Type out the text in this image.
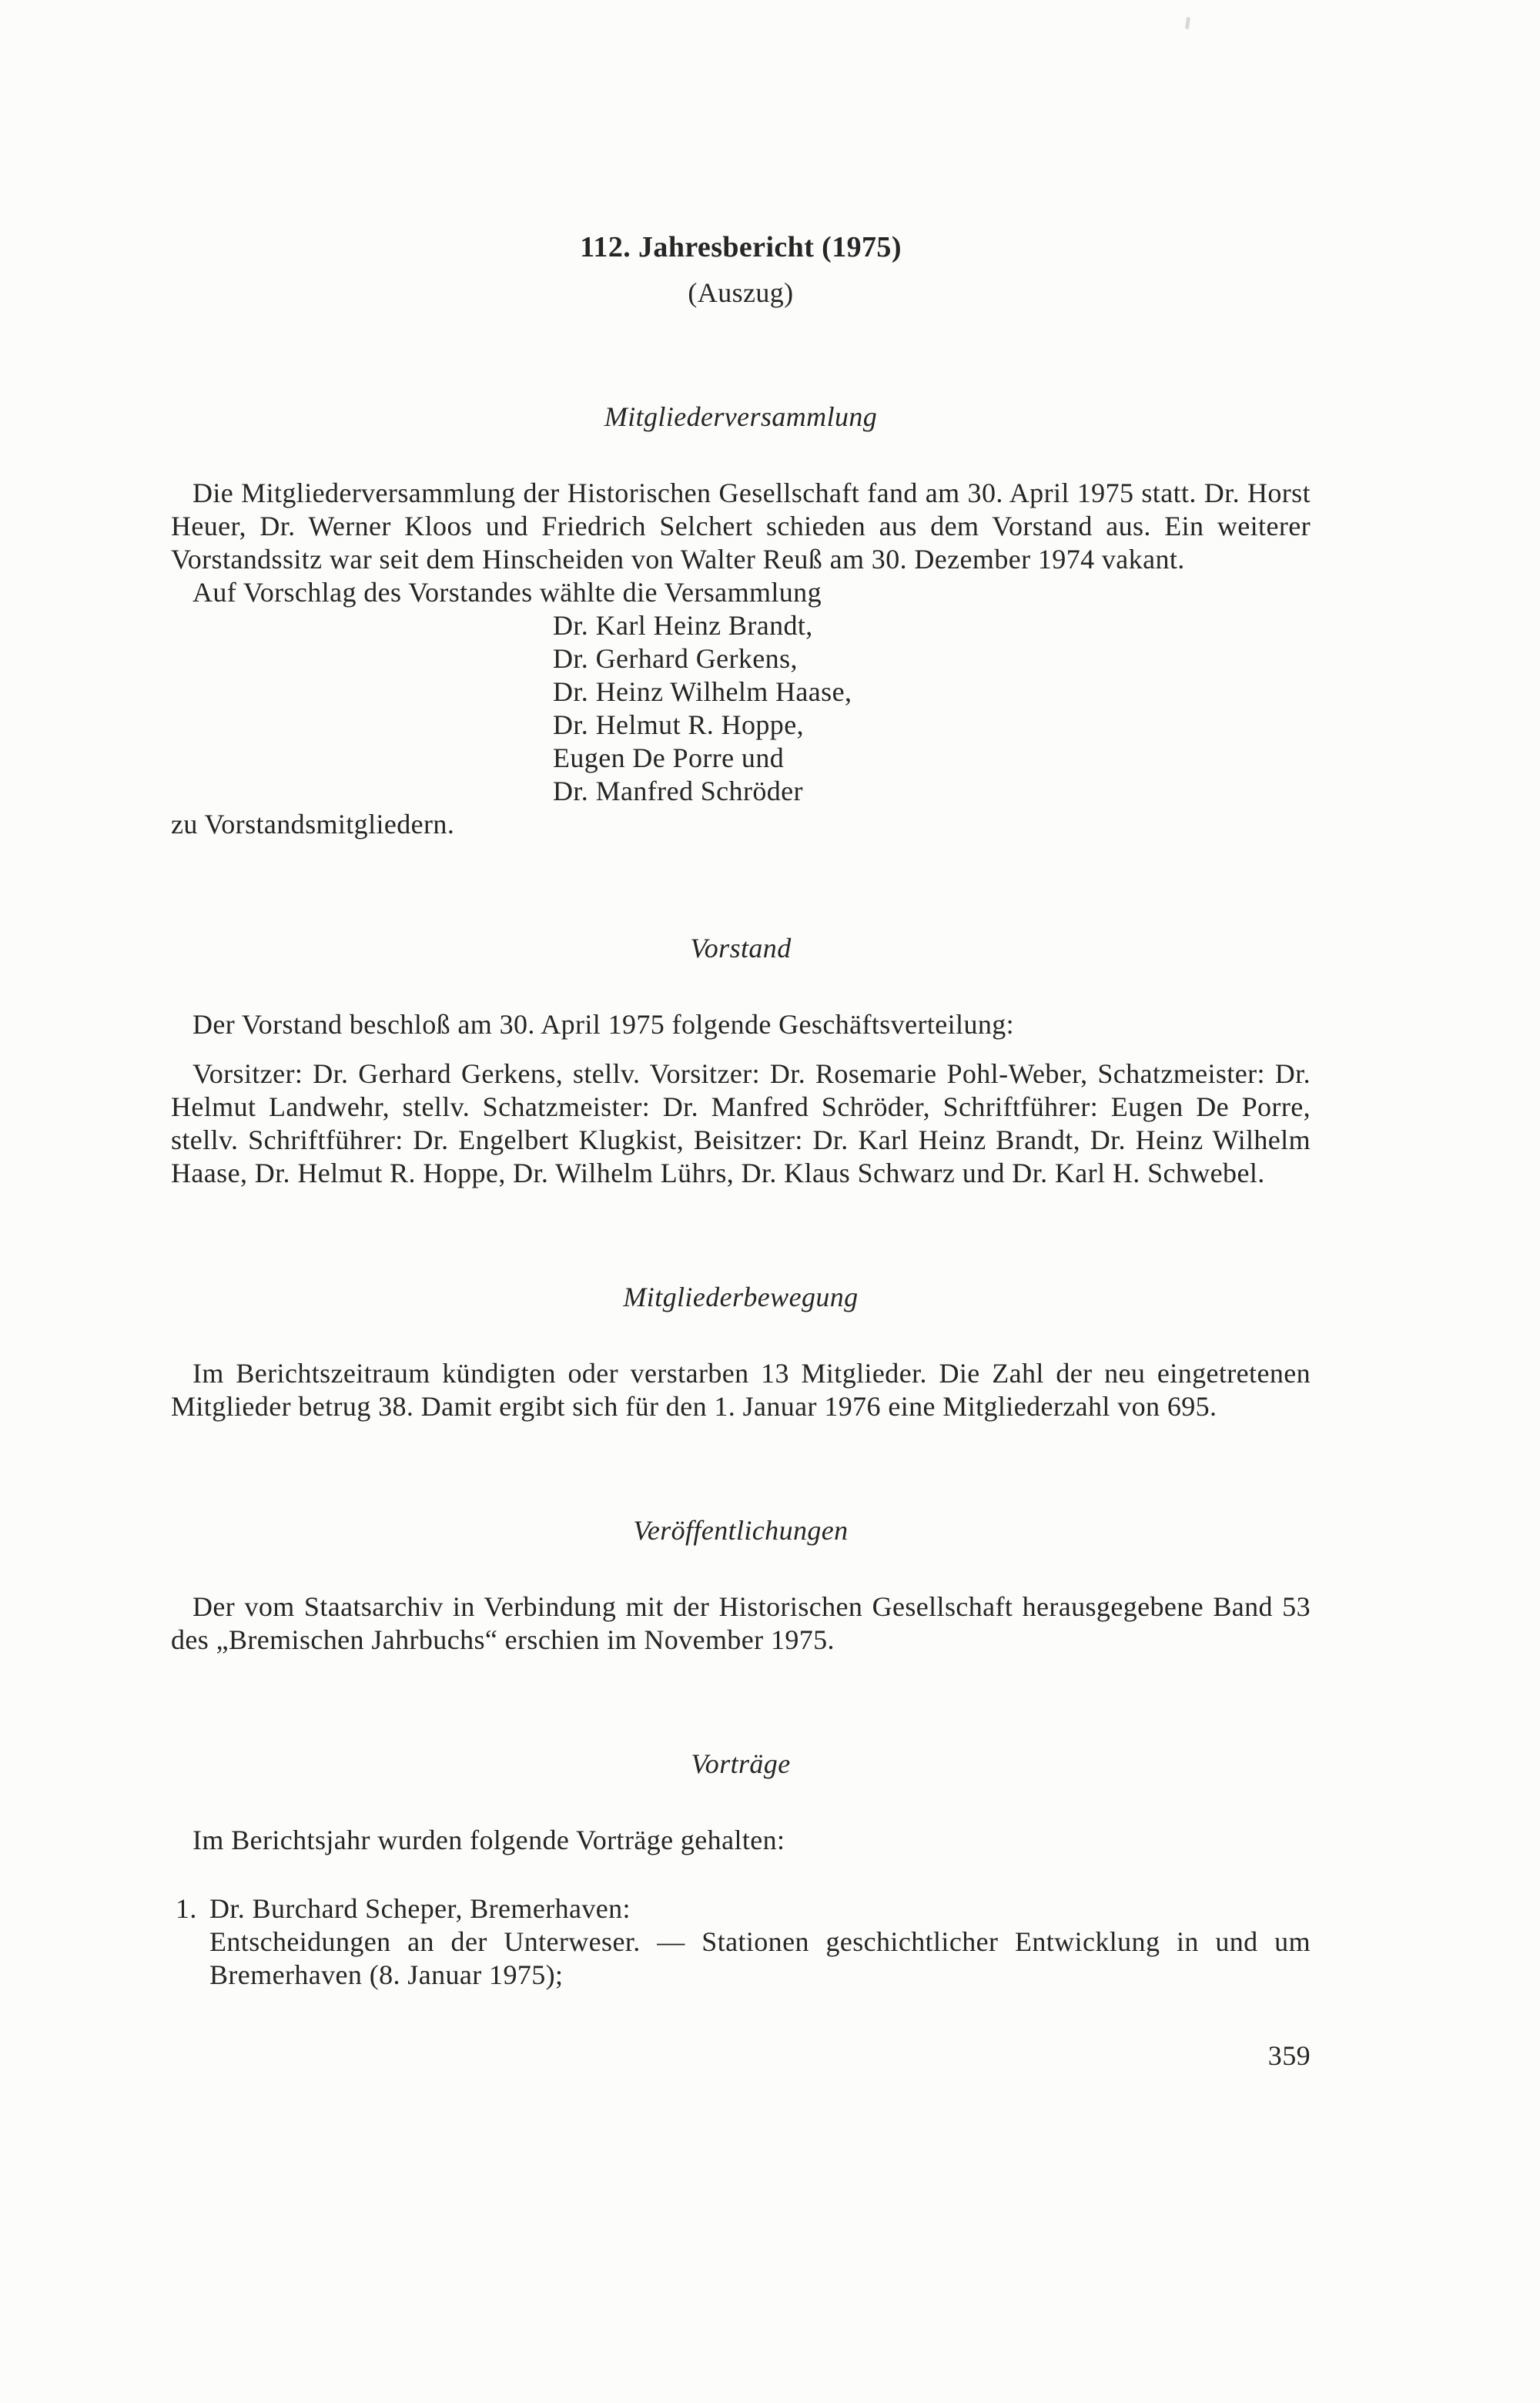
112. Jahresbericht (1975)

(Auszug)

Mitgliederversammlung

Die Mitgliederversammlung der Historischen Gesellschaft fand am 30. April 1975 statt. Dr. Horst Heuer, Dr. Werner Kloos und Friedrich Selchert schieden aus dem Vorstand aus. Ein weiterer Vorstandssitz war seit dem Hinscheiden von Walter Reuß am 30. Dezember 1974 vakant.

Auf Vorschlag des Vorstandes wählte die Versammlung

Dr. Karl Heinz Brandt,
Dr. Gerhard Gerkens,
Dr. Heinz Wilhelm Haase,
Dr. Helmut R. Hoppe,
Eugen De Porre und
Dr. Manfred Schröder

zu Vorstandsmitgliedern.

Vorstand

Der Vorstand beschloß am 30. April 1975 folgende Geschäftsverteilung:

Vorsitzer: Dr. Gerhard Gerkens, stellv. Vorsitzer: Dr. Rosemarie Pohl-Weber, Schatzmeister: Dr. Helmut Landwehr, stellv. Schatzmeister: Dr. Manfred Schröder, Schriftführer: Eugen De Porre, stellv. Schriftführer: Dr. Engelbert Klugkist, Beisitzer: Dr. Karl Heinz Brandt, Dr. Heinz Wilhelm Haase, Dr. Helmut R. Hoppe, Dr. Wilhelm Lührs, Dr. Klaus Schwarz und Dr. Karl H. Schwebel.

Mitgliederbewegung

Im Berichtszeitraum kündigten oder verstarben 13 Mitglieder. Die Zahl der neu eingetretenen Mitglieder betrug 38. Damit ergibt sich für den 1. Januar 1976 eine Mitgliederzahl von 695.

Veröffentlichungen

Der vom Staatsarchiv in Verbindung mit der Historischen Gesellschaft herausgegebene Band 53 des „Bremischen Jahrbuchs“ erschien im November 1975.

Vorträge

Im Berichtsjahr wurden folgende Vorträge gehalten:

1. Dr. Burchard Scheper, Bremerhaven:

Entscheidungen an der Unterweser. — Stationen geschichtlicher Entwicklung in und um Bremerhaven (8. Januar 1975);

359
